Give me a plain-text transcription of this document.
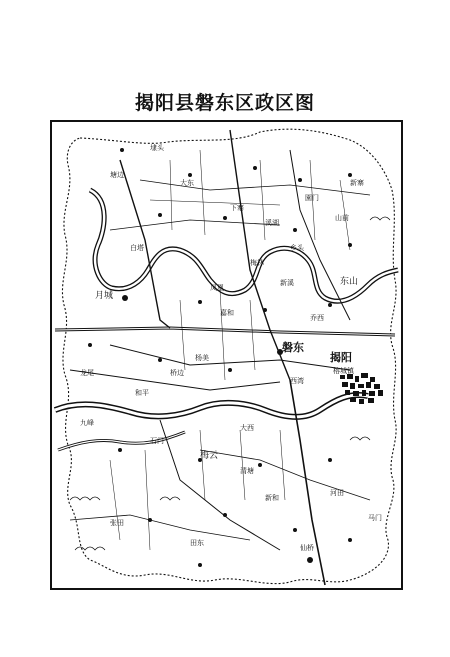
揭阳县磐东区政区图
磐东
揭阳
榕城镇
月城
梅云
东山
下寨
大东	新寨
大西
仙桥
塘边
马门
石门
乔西
園门
溪湖
龙尾
凤凰
嘉和
清塘
桥边
埭头
乡头
新溪
山前
白塔
梅林
杨美
西湾
张田
田东
新和
和平
九峰
河田
